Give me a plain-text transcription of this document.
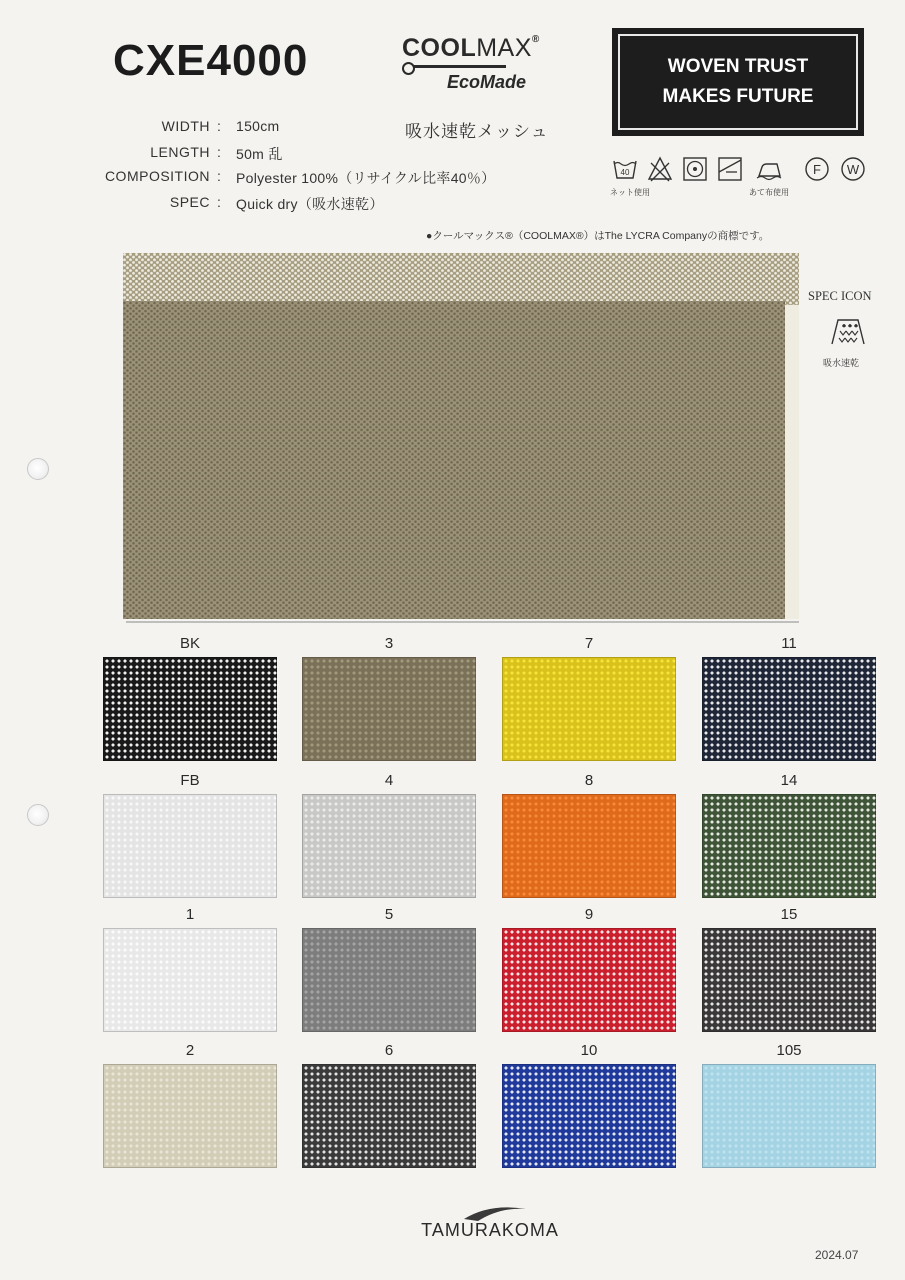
CXE4000	COOLMAX®
EcoMade
吸水速乾メッシュ
WOVEN TRUST
MAKES FUTURE
WIDTH : 150cm
LENGTH : 50m 乱
COMPOSITION : Polyester 100%（リサイクル比率40％）
SPEC : Quick dry（吸水速乾）
40
ネット使用	あて布使用
F W
●クールマックス®（COOLMAX®）はThe LYCRA Companyの商標です。
SPEC ICON
吸水速乾
BK	3	7	11
FB	4	8	14
1	5	9	15
2	6	10	105
TAMURAKOMA
2024.07
